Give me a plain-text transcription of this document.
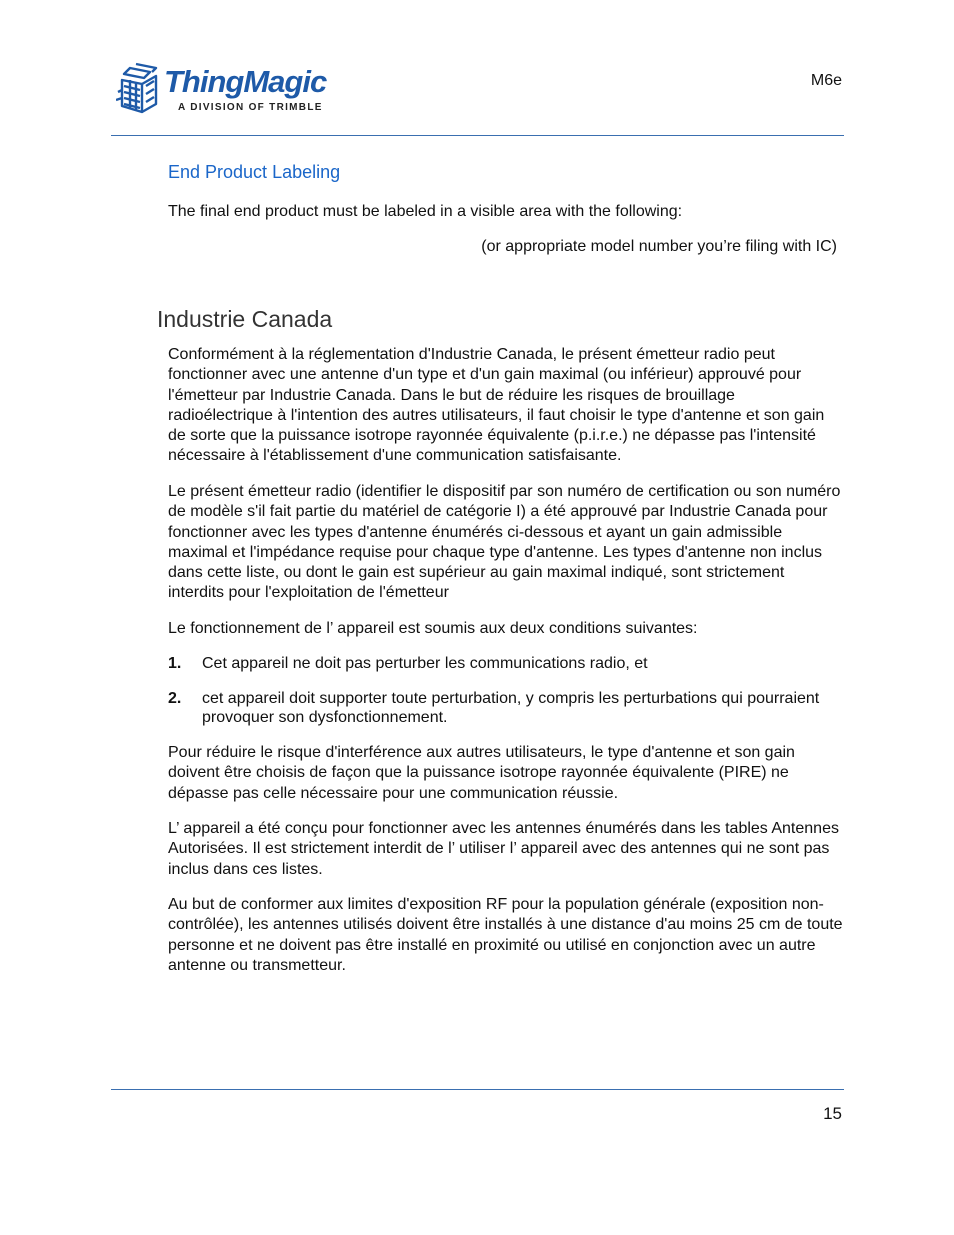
ThingMagic
A DIVISION OF TRIMBLE
M6e
End Product Labeling

The final end product must be labeled in a visible area with the following:

(or appropriate model number you’re filing with IC)

Industrie Canada

Conformément à la réglementation d'Industrie Canada, le présent émetteur radio peut fonctionner avec une antenne d'un type et d'un gain maximal (ou inférieur) approuvé pour l'émetteur par Industrie Canada. Dans le but de réduire les risques de brouillage radioélectrique à l'intention des autres utilisateurs, il faut choisir le type d'antenne et son gain de sorte que la puissance isotrope rayonnée équivalente (p.i.r.e.) ne dépasse pas l'intensité nécessaire à l'établissement d'une communication satisfaisante.

Le présent émetteur radio (identifier le dispositif par son numéro de certification ou son numéro de modèle s'il fait partie du matériel de catégorie I) a été approuvé par Industrie Canada pour fonctionner avec les types d'antenne énumérés ci-dessous et ayant un gain admissible maximal et l'impédance requise pour chaque type d'antenne. Les types d'antenne non inclus dans cette liste, ou dont le gain est supérieur au gain maximal indiqué, sont strictement interdits pour l'exploitation de l'émetteur

Le fonctionnement de l’ appareil est soumis aux deux conditions suivantes:

1. Cet appareil ne doit pas perturber les communications radio, et
2. cet appareil doit supporter toute perturbation, y compris les perturbations qui pourraient provoquer son dysfonctionnement.

Pour réduire le risque d'interférence aux autres utilisateurs, le type d'antenne et son gain doivent être choisis de façon que la puissance isotrope rayonnée équivalente (PIRE) ne dépasse pas celle nécessaire pour une communication réussie.

L’ appareil a été conçu pour fonctionner avec les antennes énumérés dans les tables Antennes Autorisées. Il est strictement interdit de l’ utiliser l’ appareil avec des antennes qui ne sont pas inclus dans ces listes.

Au but de conformer aux limites d'exposition RF pour la population générale (exposition non-contrôlée), les antennes utilisés doivent être installés à une distance d'au moins 25 cm de toute personne et ne doivent pas être installé en proximité ou utilisé en conjonction avec un autre antenne ou transmetteur.

15
